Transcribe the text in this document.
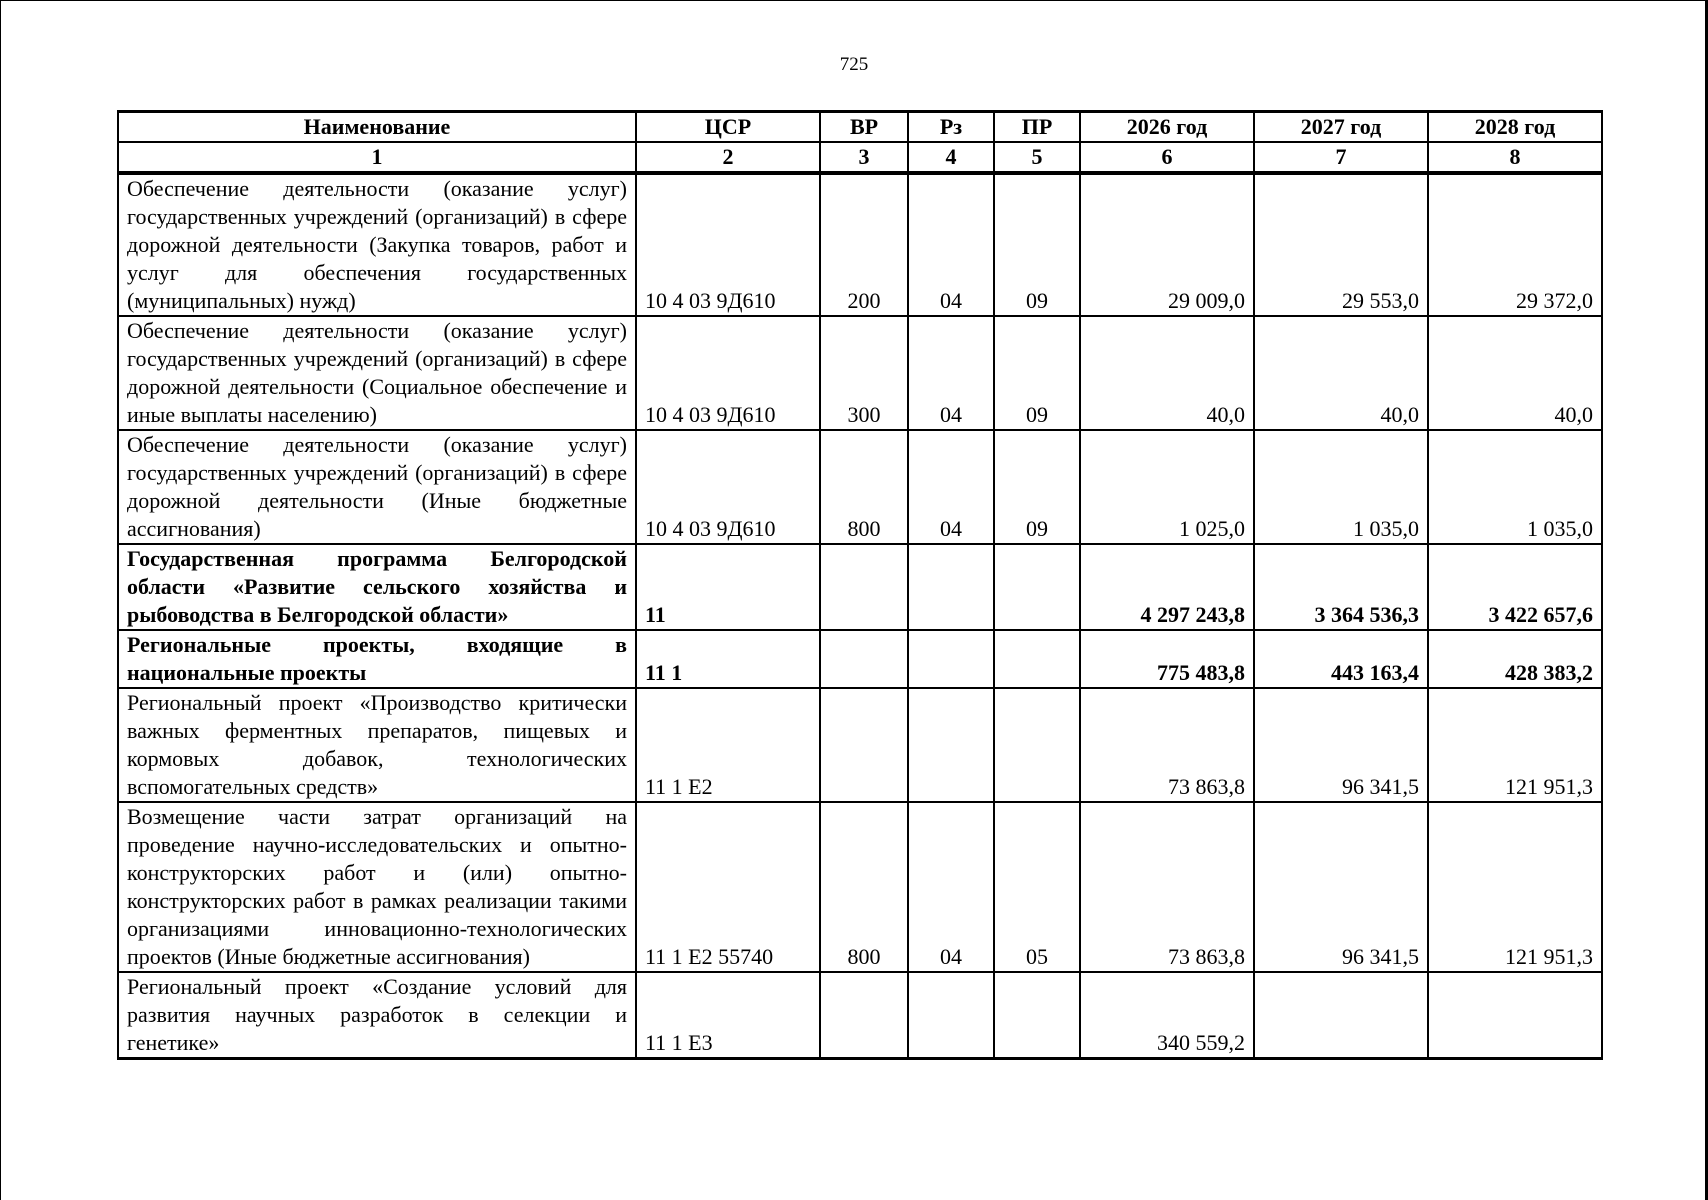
725
Наименование	ЦСР	ВР	Рз	ПР	2026 год	2027 год	2028 год
1	2	3	4	5	6	7	8
Обеспечение деятельности (оказание услуг) государственных учреждений (организаций) в сфере дорожной деятельности (Закупка товаров, работ и услуг для обеспечения государственных (муниципальных) нужд)	10 4 03 9Д610	200	04	09	29 009,0	29 553,0	29 372,0
Обеспечение деятельности (оказание услуг) государственных учреждений (организаций) в сфере дорожной деятельности (Социальное обеспечение и иные выплаты населению)	10 4 03 9Д610	300	04	09	40,0	40,0	40,0
Обеспечение деятельности (оказание услуг) государственных учреждений (организаций) в сфере дорожной деятельности (Иные бюджетные ассигнования)	10 4 03 9Д610	800	04	09	1 025,0	1 035,0	1 035,0
Государственная программа Белгородской области «Развитие сельского хозяйства и рыбоводства в Белгородской области»	11				4 297 243,8	3 364 536,3	3 422 657,6
Региональные проекты, входящие в национальные проекты	11 1				775 483,8	443 163,4	428 383,2
Региональный проект «Производство критически важных ферментных препаратов, пищевых и кормовых добавок, технологических вспомогательных средств»	11 1 Е2				73 863,8	96 341,5	121 951,3
Возмещение части затрат организаций на проведение научно-исследовательских и опытно-конструкторских работ и (или) опытно-конструкторских работ в рамках реализации такими организациями инновационно-технологических проектов (Иные бюджетные ассигнования)	11 1 Е2 55740	800	04	05	73 863,8	96 341,5	121 951,3
Региональный проект «Создание условий для развития научных разработок в селекции и генетике»	11 1 Е3				340 559,2		
